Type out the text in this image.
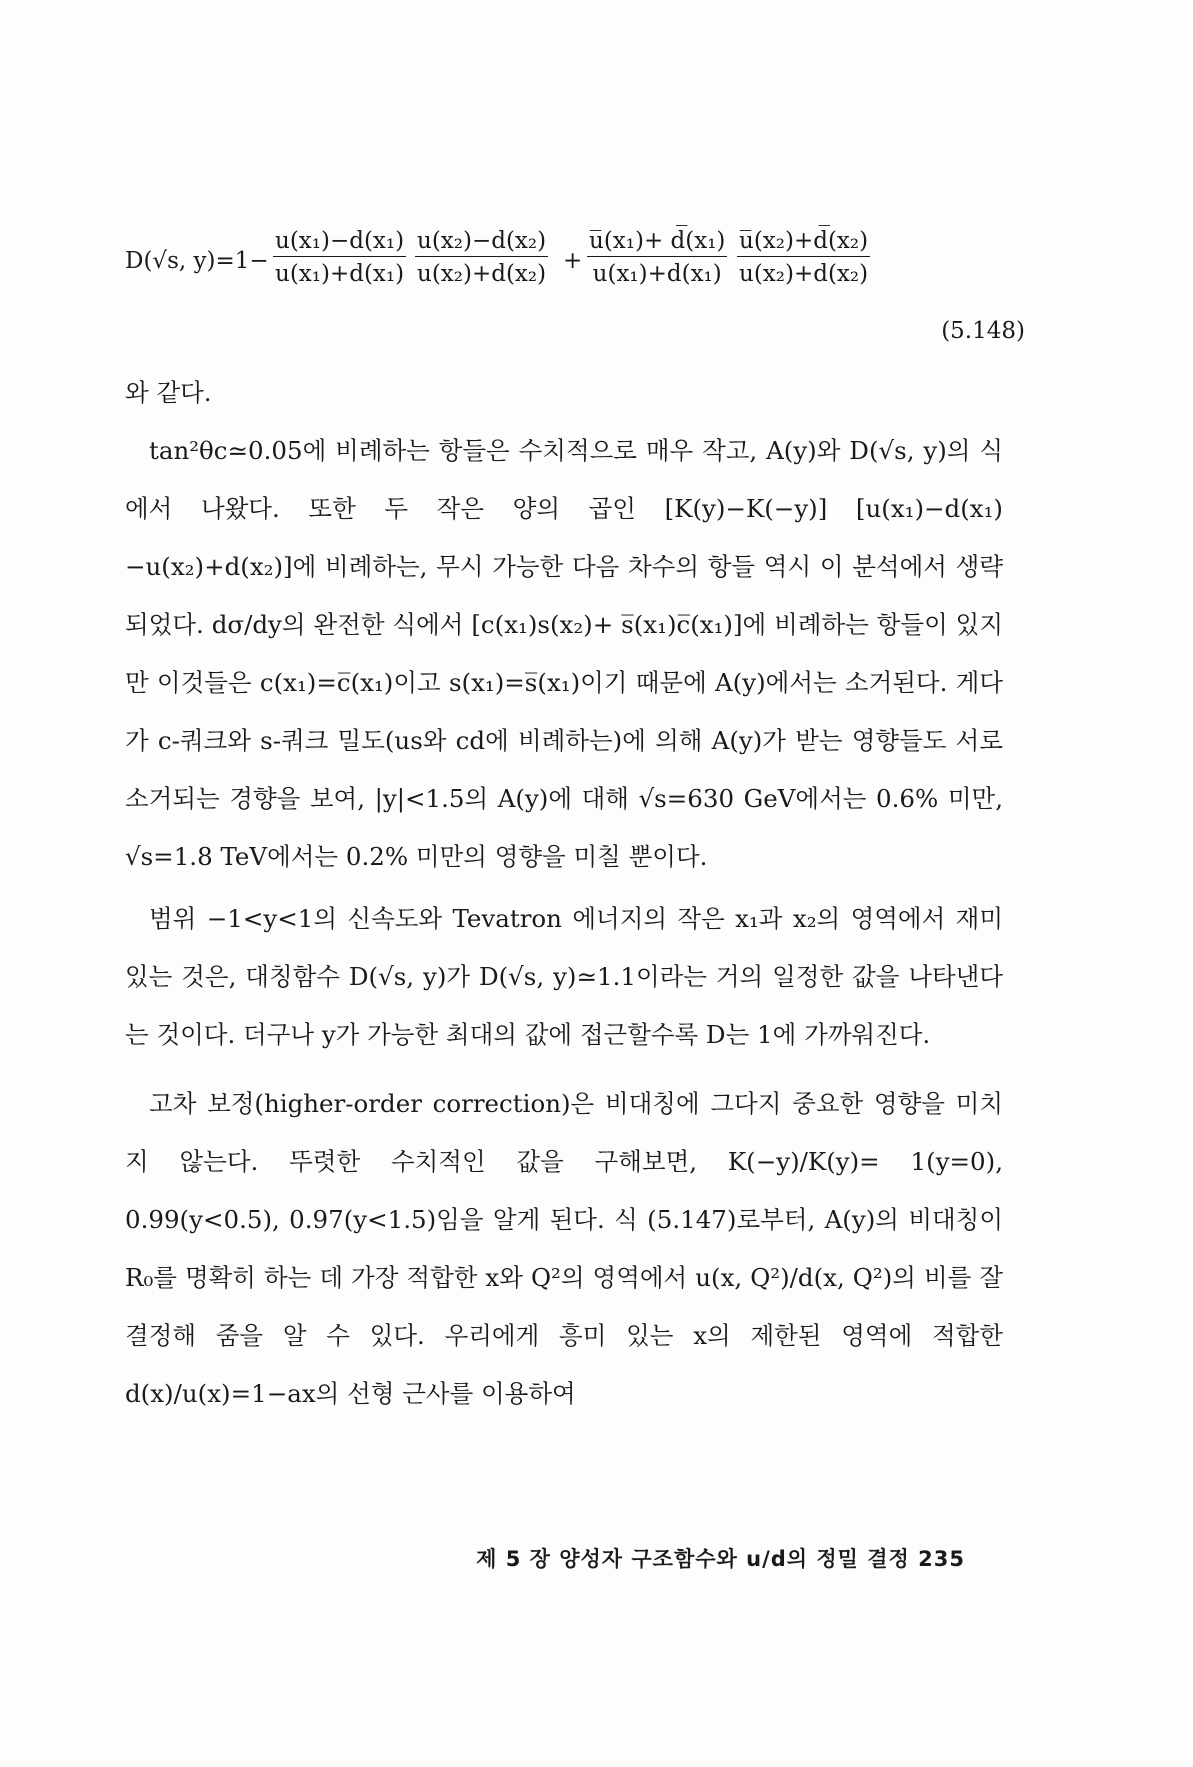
D(√s, $y)=1- \frac{\text{u(x₁)−d(x₁)}}{\text{u(x₁)+d(x₁)}} \frac{\text{u(x₂)−d(x₂)}}{\text{u(x₂)+d(x₂)}} + \frac{\text{u̅(x₁)+ d̅(x₁)}}{\text{u(x₁)+d(x₁)}} \frac{\text{u̅(x₂)+d̅(x₂)}}{\text{u(x₂)+d(x₂)}}$
(5.148)

와 같다.

tan²θc≃0.05에 비례하는 항들은 수치적으로 매우 작고, A(y)와 D(√s, y)의 식에서 나왔다. 또한 두 작은 양의 곱인 [K(y)−K(−y)] [u(x₁)−d(x₁)−u(x₂)+d(x₂)]에 비례하는, 무시 가능한 다음 차수의 항들 역시 이 분석에서 생략되었다. dσ/dy의 완전한 식에서 [c(x₁)s(x₂)+ s̅(x₁)c̅(x₁)]에 비례하는 항들이 있지만 이것들은 c(x₁)=c̅(x₁)이고 s(x₁)=s̅(x₁)이기 때문에 A(y)에서는 소거된다. 게다가 c-쿼크와 s-쿼크 밀도(us와 cd에 비례하는)에 의해 A(y)가 받는 영향들도 서로 소거되는 경향을 보여, |y|<1.5의 A(y)에 대해 √s=630 GeV에서는 0.6% 미만, √s=1.8 TeV에서는 0.2% 미만의 영향을 미칠 뿐이다.

범위 −1<y<1의 신속도와 Tevatron 에너지의 작은 x₁과 x₂의 영역에서 재미있는 것은, 대칭함수 D(√s, y)가 D(√s, y)≃1.1이라는 거의 일정한 값을 나타낸다는 것이다. 더구나 y가 가능한 최대의 값에 접근할수록 D는 1에 가까워진다.

고차 보정(higher-order correction)은 비대칭에 그다지 중요한 영향을 미치지 않는다. 뚜렷한 수치적인 값을 구해보면, K(−y)/K(y)= 1(y=0), 0.99(y<0.5), 0.97(y<1.5)임을 알게 된다. 식 (5.147)로부터, A(y)의 비대칭이 R₀를 명확히 하는 데 가장 적합한 x와 Q²의 영역에서 u(x, Q²)/d(x, Q²)의 비를 잘 결정해 줌을 알 수 있다. 우리에게 흥미 있는 x의 제한된 영역에 적합한 d(x)/u(x)=1−ax의 선형 근사를 이용하여

제 5 장 양성자 구조함수와 u/d의 정밀 결정 235
